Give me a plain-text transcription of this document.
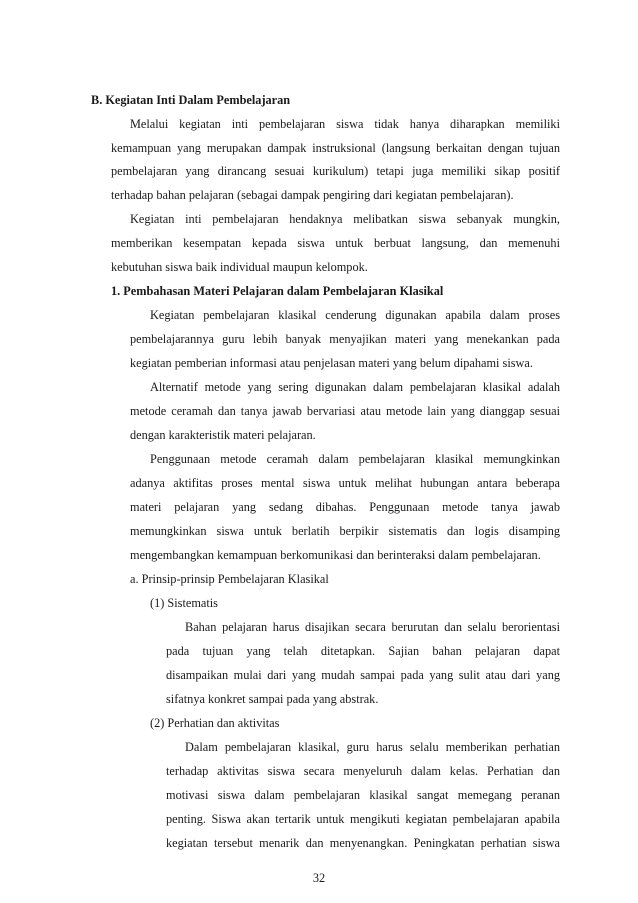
B. Kegiatan Inti Dalam Pembelajaran
Melalui kegiatan inti pembelajaran siswa tidak hanya diharapkan memiliki
kemampuan yang merupakan dampak instruksional (langsung berkaitan dengan tujuan
pembelajaran yang dirancang sesuai kurikulum) tetapi juga memiliki sikap positif
terhadap bahan pelajaran (sebagai dampak pengiring dari kegiatan pembelajaran).
Kegiatan inti pembelajaran hendaknya melibatkan siswa sebanyak mungkin,
memberikan kesempatan kepada siswa untuk berbuat langsung, dan memenuhi
kebutuhan siswa baik individual maupun kelompok.
1. Pembahasan Materi Pelajaran dalam Pembelajaran Klasikal
Kegiatan pembelajaran klasikal cenderung digunakan apabila dalam proses
pembelajarannya guru lebih banyak menyajikan materi yang menekankan pada
kegiatan pemberian informasi atau penjelasan materi yang belum dipahami siswa.
Alternatif metode yang sering digunakan dalam pembelajaran klasikal adalah
metode ceramah dan tanya jawab bervariasi atau metode lain yang dianggap sesuai
dengan karakteristik materi pelajaran.
Penggunaan metode ceramah dalam pembelajaran klasikal memungkinkan
adanya aktifitas proses mental siswa untuk melihat hubungan antara beberapa
materi pelajaran yang sedang dibahas. Penggunaan metode tanya jawab
memungkinkan siswa untuk berlatih berpikir sistematis dan logis disamping
mengembangkan kemampuan berkomunikasi dan berinteraksi dalam pembelajaran.
a. Prinsip-prinsip Pembelajaran Klasikal
(1) Sistematis
Bahan pelajaran harus disajikan secara berurutan dan selalu berorientasi
pada tujuan yang telah ditetapkan. Sajian bahan pelajaran dapat
disampaikan mulai dari yang mudah sampai pada yang sulit atau dari yang
sifatnya konkret sampai pada yang abstrak.
(2) Perhatian dan aktivitas
Dalam pembelajaran klasikal, guru harus selalu memberikan perhatian
terhadap aktivitas siswa secara menyeluruh dalam kelas. Perhatian dan
motivasi siswa dalam pembelajaran klasikal sangat memegang peranan
penting. Siswa akan tertarik untuk mengikuti kegiatan pembelajaran apabila
kegiatan tersebut menarik dan menyenangkan. Peningkatan perhatian siswa
32
